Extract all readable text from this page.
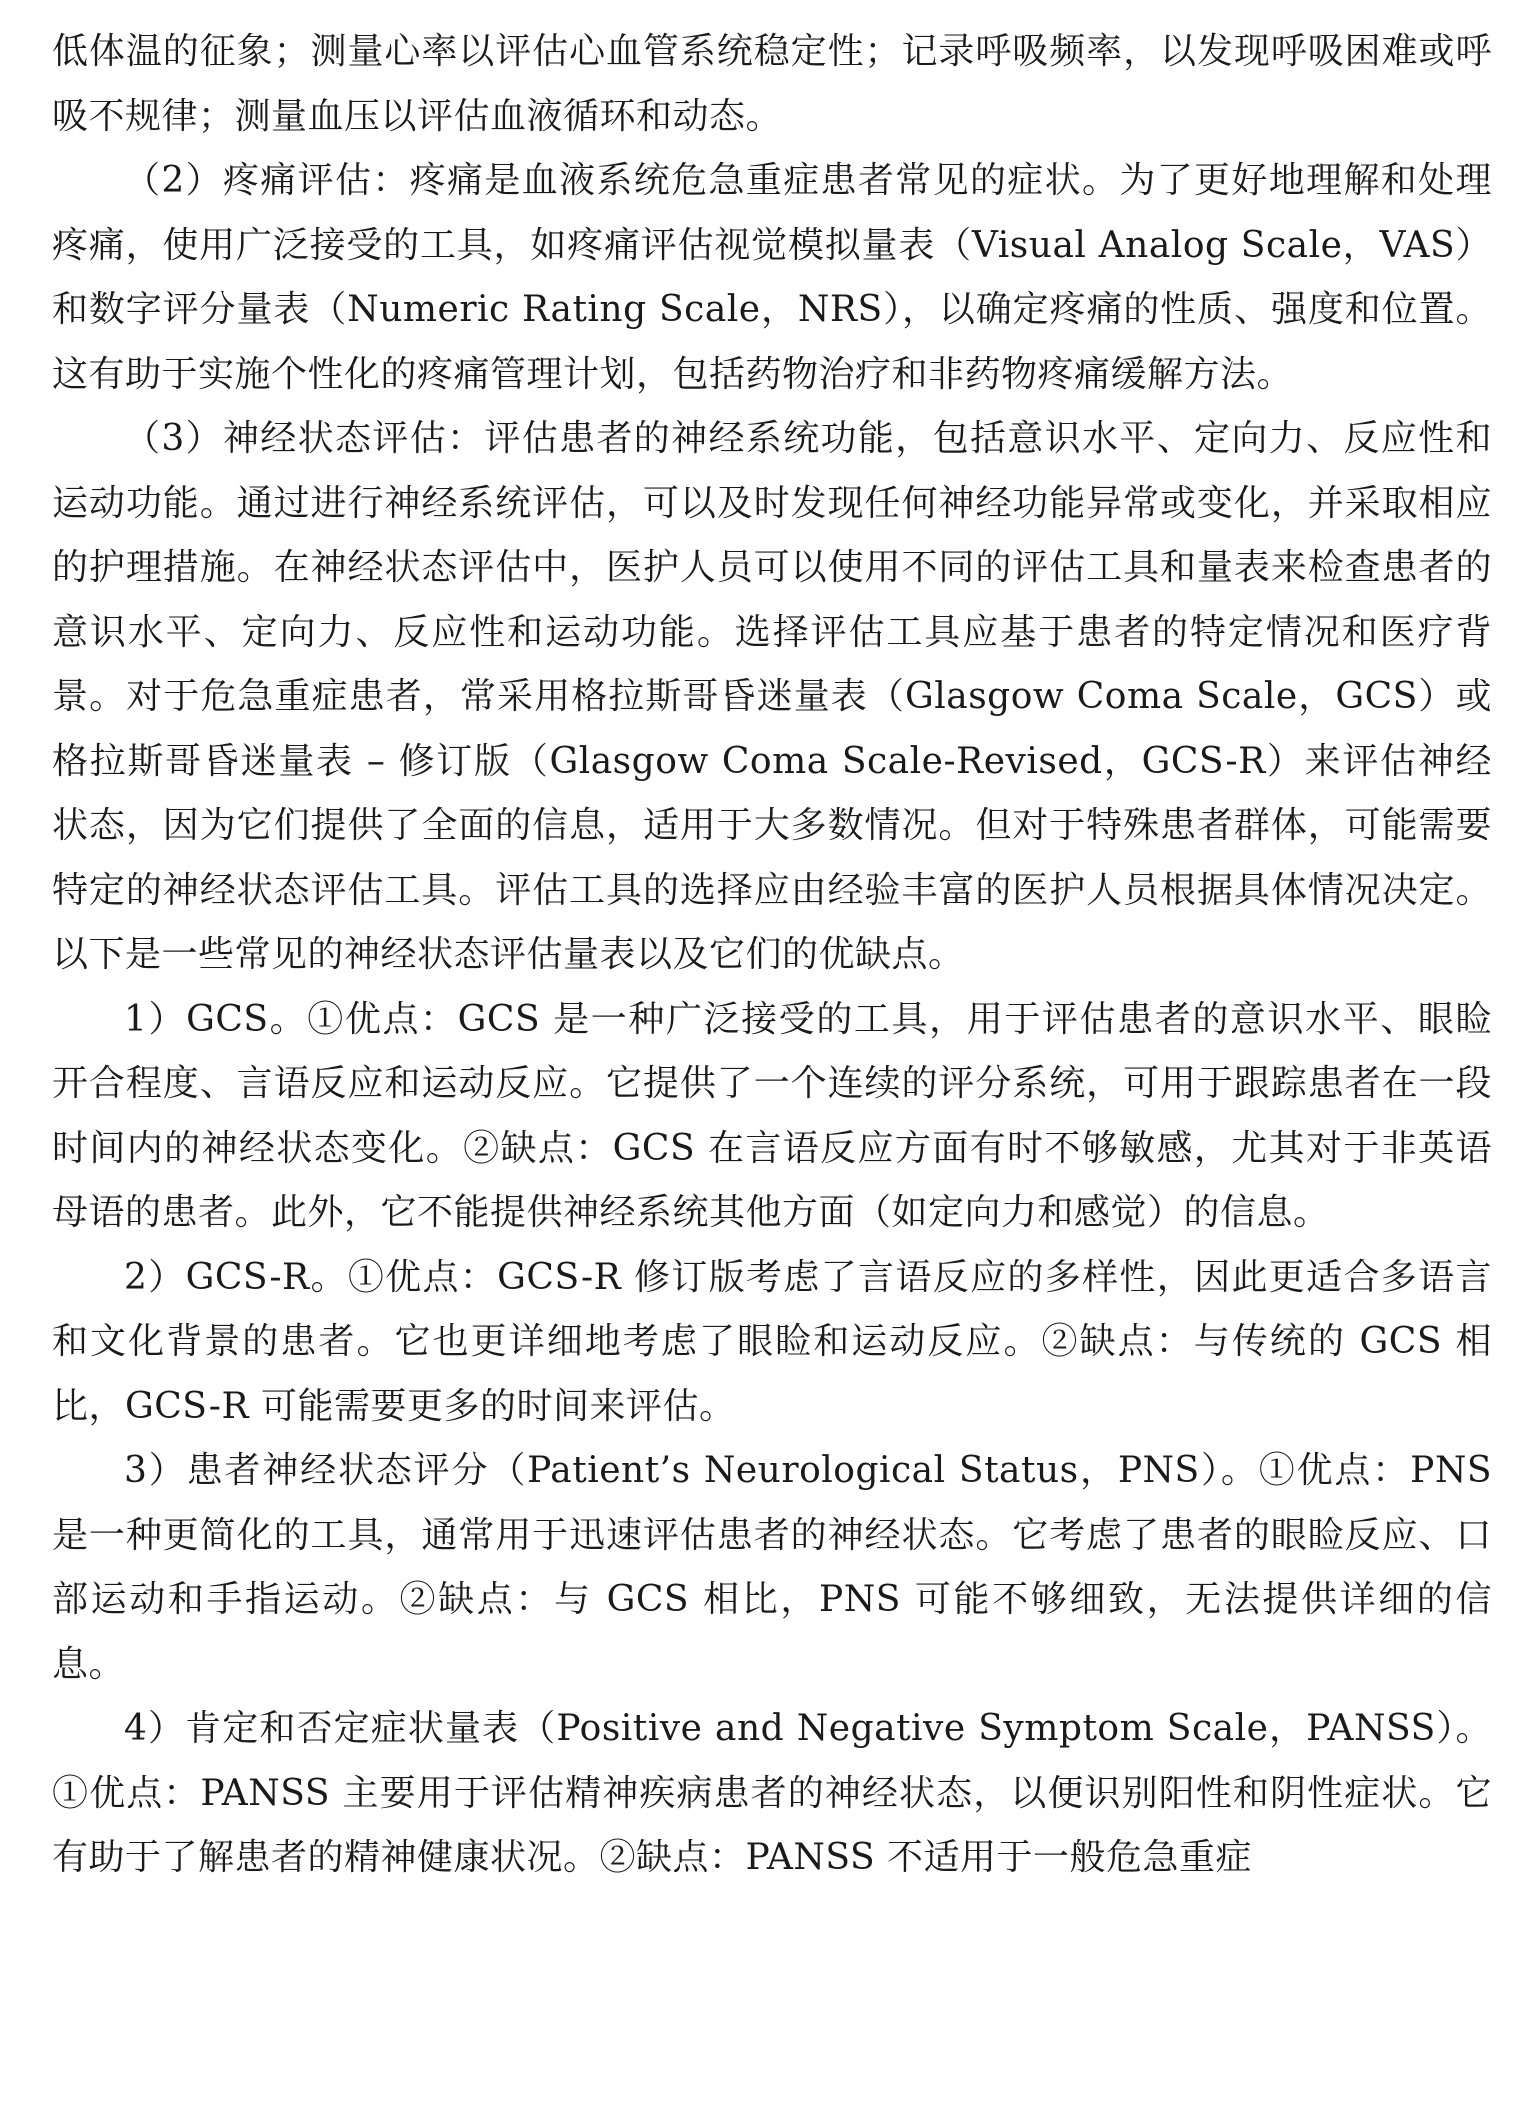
低体温的征象；测量心率以评估心血管系统稳定性；记录呼吸频率，以发现呼吸困难或呼吸不规律；测量血压以评估血液循环和动态。

（2）疼痛评估：疼痛是血液系统危急重症患者常见的症状。为了更好地理解和处理疼痛，使用广泛接受的工具，如疼痛评估视觉模拟量表（Visual Analog Scale，VAS）和数字评分量表（Numeric Rating Scale，NRS），以确定疼痛的性质、强度和位置。这有助于实施个性化的疼痛管理计划，包括药物治疗和非药物疼痛缓解方法。

（3）神经状态评估：评估患者的神经系统功能，包括意识水平、定向力、反应性和运动功能。通过进行神经系统评估，可以及时发现任何神经功能异常或变化，并采取相应的护理措施。在神经状态评估中，医护人员可以使用不同的评估工具和量表来检查患者的意识水平、定向力、反应性和运动功能。选择评估工具应基于患者的特定情况和医疗背景。对于危急重症患者，常采用格拉斯哥昏迷量表（Glasgow Coma Scale，GCS）或格拉斯哥昏迷量表 – 修订版（Glasgow Coma Scale-Revised，GCS-R）来评估神经状态，因为它们提供了全面的信息，适用于大多数情况。但对于特殊患者群体，可能需要特定的神经状态评估工具。评估工具的选择应由经验丰富的医护人员根据具体情况决定。以下是一些常见的神经状态评估量表以及它们的优缺点。

1）GCS。①优点：GCS 是一种广泛接受的工具，用于评估患者的意识水平、眼睑开合程度、言语反应和运动反应。它提供了一个连续的评分系统，可用于跟踪患者在一段时间内的神经状态变化。②缺点：GCS 在言语反应方面有时不够敏感，尤其对于非英语母语的患者。此外，它不能提供神经系统其他方面（如定向力和感觉）的信息。

2）GCS-R。①优点：GCS-R 修订版考虑了言语反应的多样性，因此更适合多语言和文化背景的患者。它也更详细地考虑了眼睑和运动反应。②缺点：与传统的 GCS 相比，GCS-R 可能需要更多的时间来评估。

3）患者神经状态评分（Patient’s Neurological Status，PNS）。①优点：PNS 是一种更简化的工具，通常用于迅速评估患者的神经状态。它考虑了患者的眼睑反应、口部运动和手指运动。②缺点：与 GCS 相比，PNS 可能不够细致，无法提供详细的信息。

4）肯定和否定症状量表（Positive and Negative Symptom Scale，PANSS）。①优点：PANSS 主要用于评估精神疾病患者的神经状态，以便识别阳性和阴性症状。它有助于了解患者的精神健康状况。②缺点：PANSS 不适用于一般危急重症
